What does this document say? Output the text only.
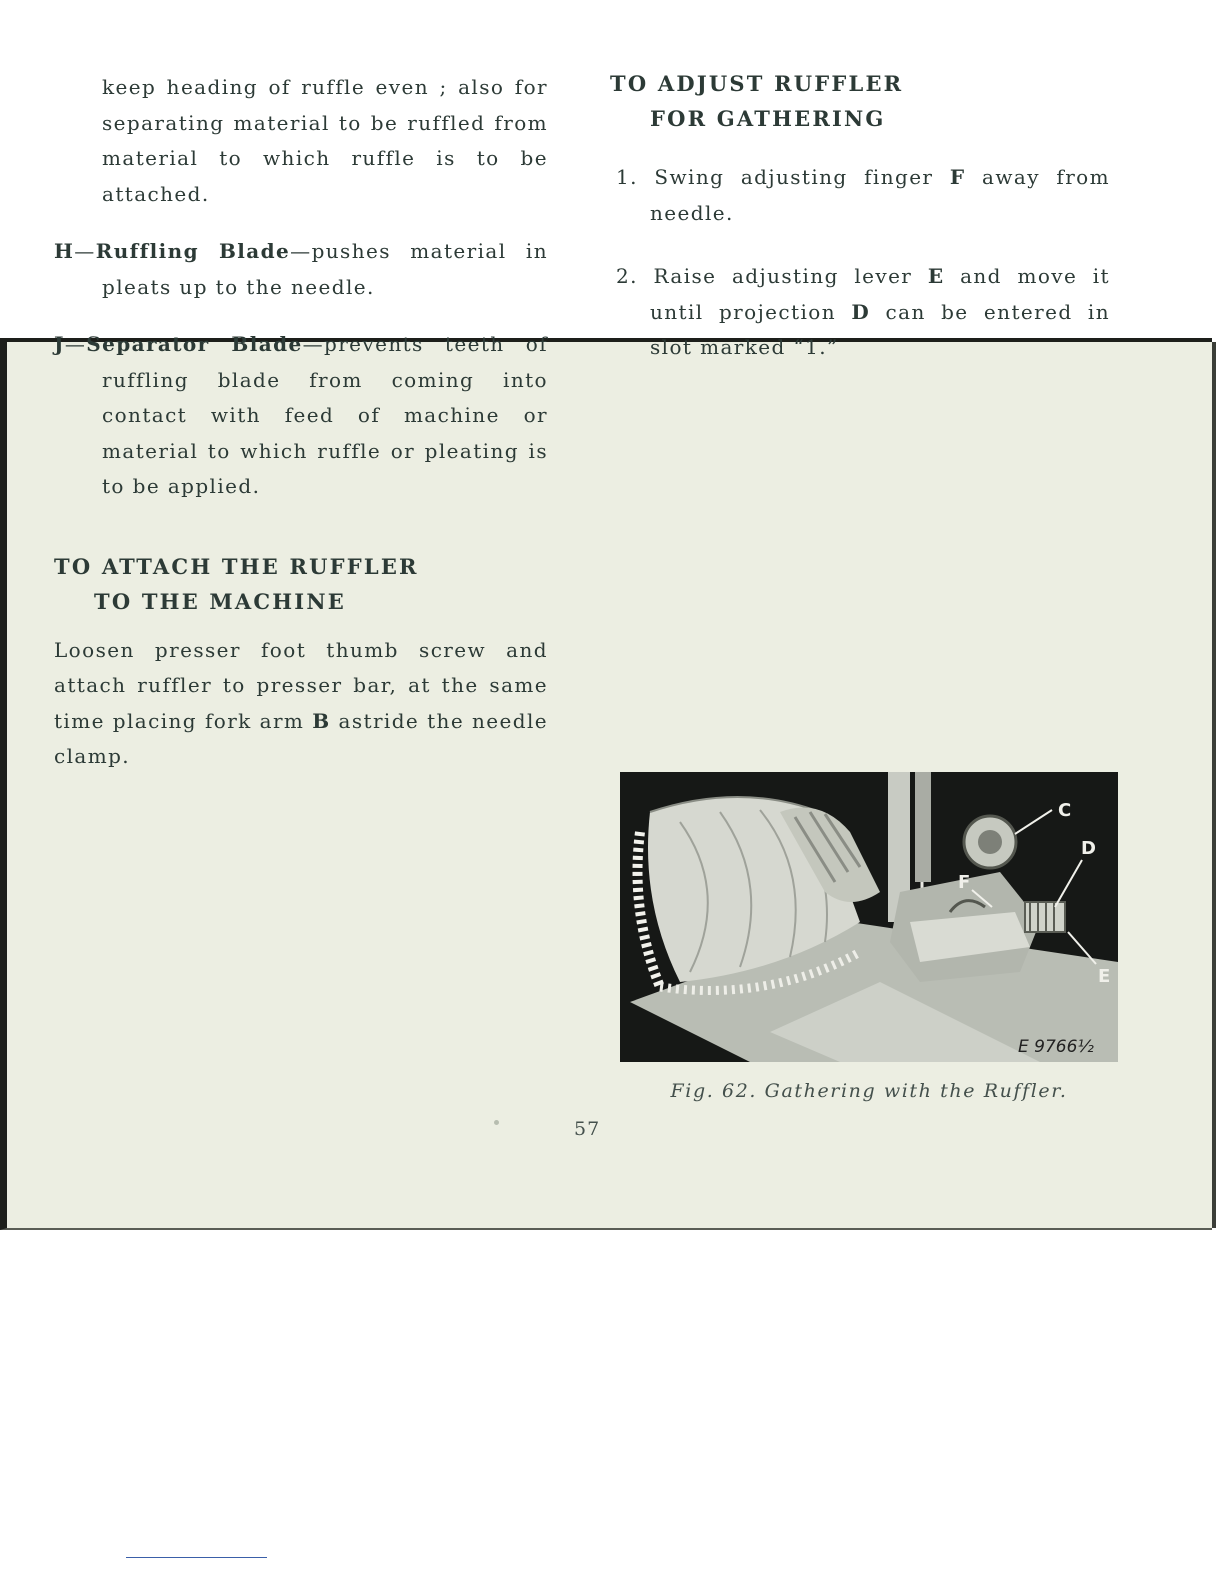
keep heading of ruffle even ; also for separating material to be ruffled from material to which ruffle is to be attached.

H—Ruffling Blade—pushes material in pleats up to the needle.

J—Separator Blade—prevents teeth of ruffling blade from coming into contact with feed of machine or material to which ruffle or pleating is to be applied.

TO ATTACH THE RUFFLER
TO THE MACHINE

Loosen presser foot thumb screw and attach ruffler to presser bar, at the same time placing fork arm B astride the needle clamp.

TO ADJUST RUFFLER
FOR GATHERING

1. Swing adjusting finger F away from needle.

2. Raise adjusting lever E and move it until projection D can be entered in slot marked “1.”

C
D
E
F
E 9766½
Fig. 62. Gathering with the Ruffler.
57
